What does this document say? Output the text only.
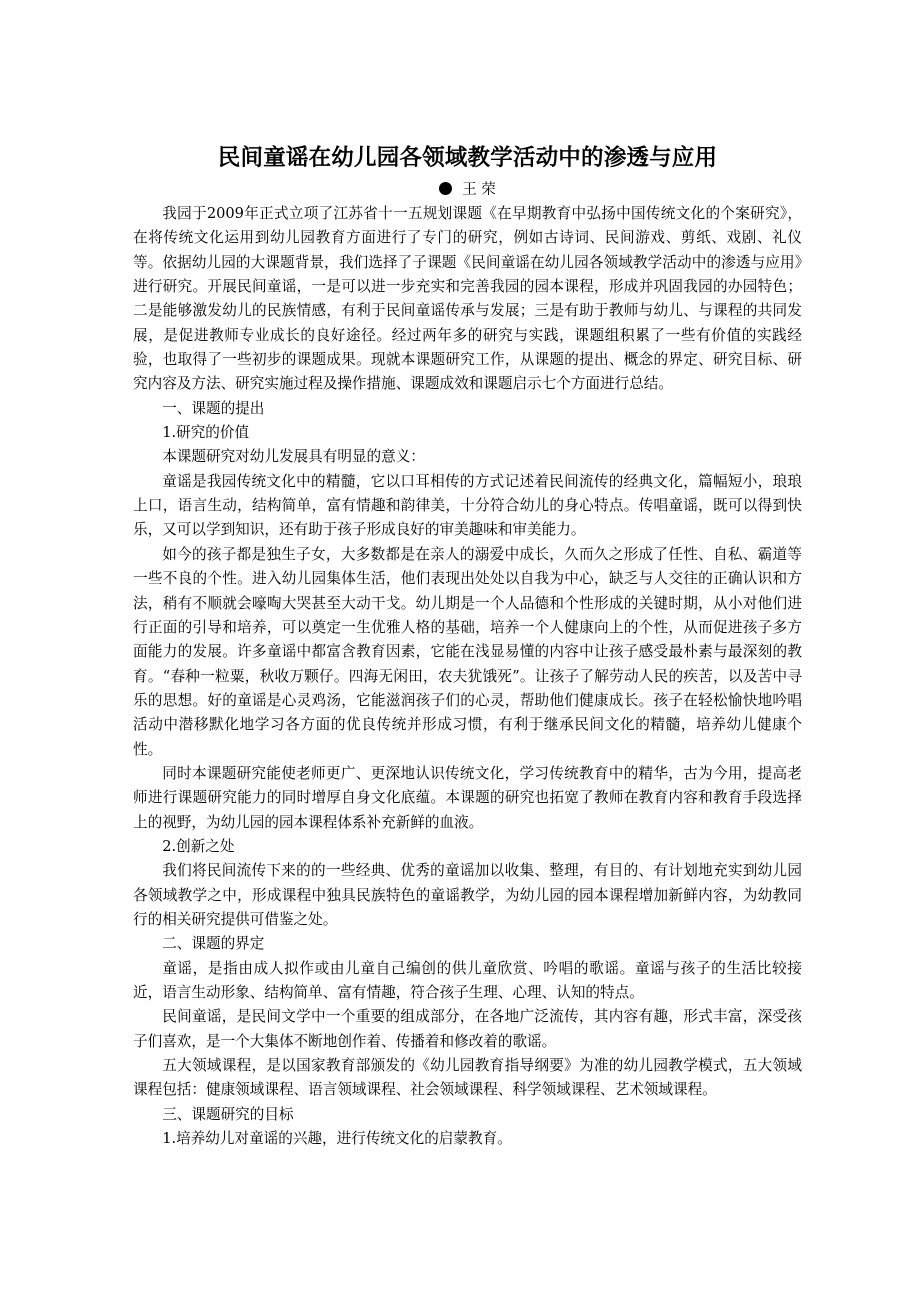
民间童谣在幼儿园各领域教学活动中的渗透与应用
王 荣

我园于2009年正式立项了江苏省十一五规划课题《在早期教育中弘扬中国传统文化的个案研究》，在将传统文化运用到幼儿园教育方面进行了专门的研究，例如古诗词、民间游戏、剪纸、戏剧、礼仪等。依据幼儿园的大课题背景，我们选择了子课题《民间童谣在幼儿园各领域教学活动中的渗透与应用》进行研究。开展民间童谣，一是可以进一步充实和完善我园的园本课程，形成并巩固我园的办园特色；二是能够激发幼儿的民族情感，有利于民间童谣传承与发展；三是有助于教师与幼儿、与课程的共同发展，是促进教师专业成长的良好途径。经过两年多的研究与实践，课题组积累了一些有价值的实践经验，也取得了一些初步的课题成果。现就本课题研究工作，从课题的提出、概念的界定、研究目标、研究内容及方法、研究实施过程及操作措施、课题成效和课题启示七个方面进行总结。

一、课题的提出

1.研究的价值

本课题研究对幼儿发展具有明显的意义：

童谣是我园传统文化中的精髓，它以口耳相传的方式记述着民间流传的经典文化，篇幅短小，琅琅上口，语言生动，结构简单，富有情趣和韵律美，十分符合幼儿的身心特点。传唱童谣，既可以得到快乐，又可以学到知识，还有助于孩子形成良好的审美趣味和审美能力。

如今的孩子都是独生子女，大多数都是在亲人的溺爱中成长，久而久之形成了任性、自私、霸道等一些不良的个性。进入幼儿园集体生活，他们表现出处处以自我为中心，缺乏与人交往的正确认识和方法，稍有不顺就会嚎啕大哭甚至大动干戈。幼儿期是一个人品德和个性形成的关键时期，从小对他们进行正面的引导和培养，可以奠定一生优雅人格的基础，培养一个人健康向上的个性，从而促进孩子多方面能力的发展。许多童谣中都富含教育因素，它能在浅显易懂的内容中让孩子感受最朴素与最深刻的教育。“春种一粒粟，秋收万颗仔。四海无闲田，农夫犹饿死”。让孩子了解劳动人民的疾苦，以及苦中寻乐的思想。好的童谣是心灵鸡汤，它能滋润孩子们的心灵，帮助他们健康成长。孩子在轻松愉快地吟唱活动中潜移默化地学习各方面的优良传统并形成习惯，有利于继承民间文化的精髓，培养幼儿健康个性。

同时本课题研究能使老师更广、更深地认识传统文化，学习传统教育中的精华，古为今用，提高老师进行课题研究能力的同时增厚自身文化底蕴。本课题的研究也拓宽了教师在教育内容和教育手段选择上的视野，为幼儿园的园本课程体系补充新鲜的血液。

2.创新之处

我们将民间流传下来的的一些经典、优秀的童谣加以收集、整理，有目的、有计划地充实到幼儿园各领域教学之中，形成课程中独具民族特色的童谣教学，为幼儿园的园本课程增加新鲜内容，为幼教同行的相关研究提供可借鉴之处。

二、课题的界定

童谣，是指由成人拟作或由儿童自己编创的供儿童欣赏、吟唱的歌谣。童谣与孩子的生活比较接近，语言生动形象、结构简单、富有情趣，符合孩子生理、心理、认知的特点。

民间童谣，是民间文学中一个重要的组成部分，在各地广泛流传，其内容有趣，形式丰富，深受孩子们喜欢，是一个大集体不断地创作着、传播着和修改着的歌谣。

五大领域课程，是以国家教育部颁发的《幼儿园教育指导纲要》为准的幼儿园教学模式，五大领域课程包括：健康领域课程、语言领域课程、社会领域课程、科学领域课程、艺术领域课程。

三、课题研究的目标

1.培养幼儿对童谣的兴趣，进行传统文化的启蒙教育。
